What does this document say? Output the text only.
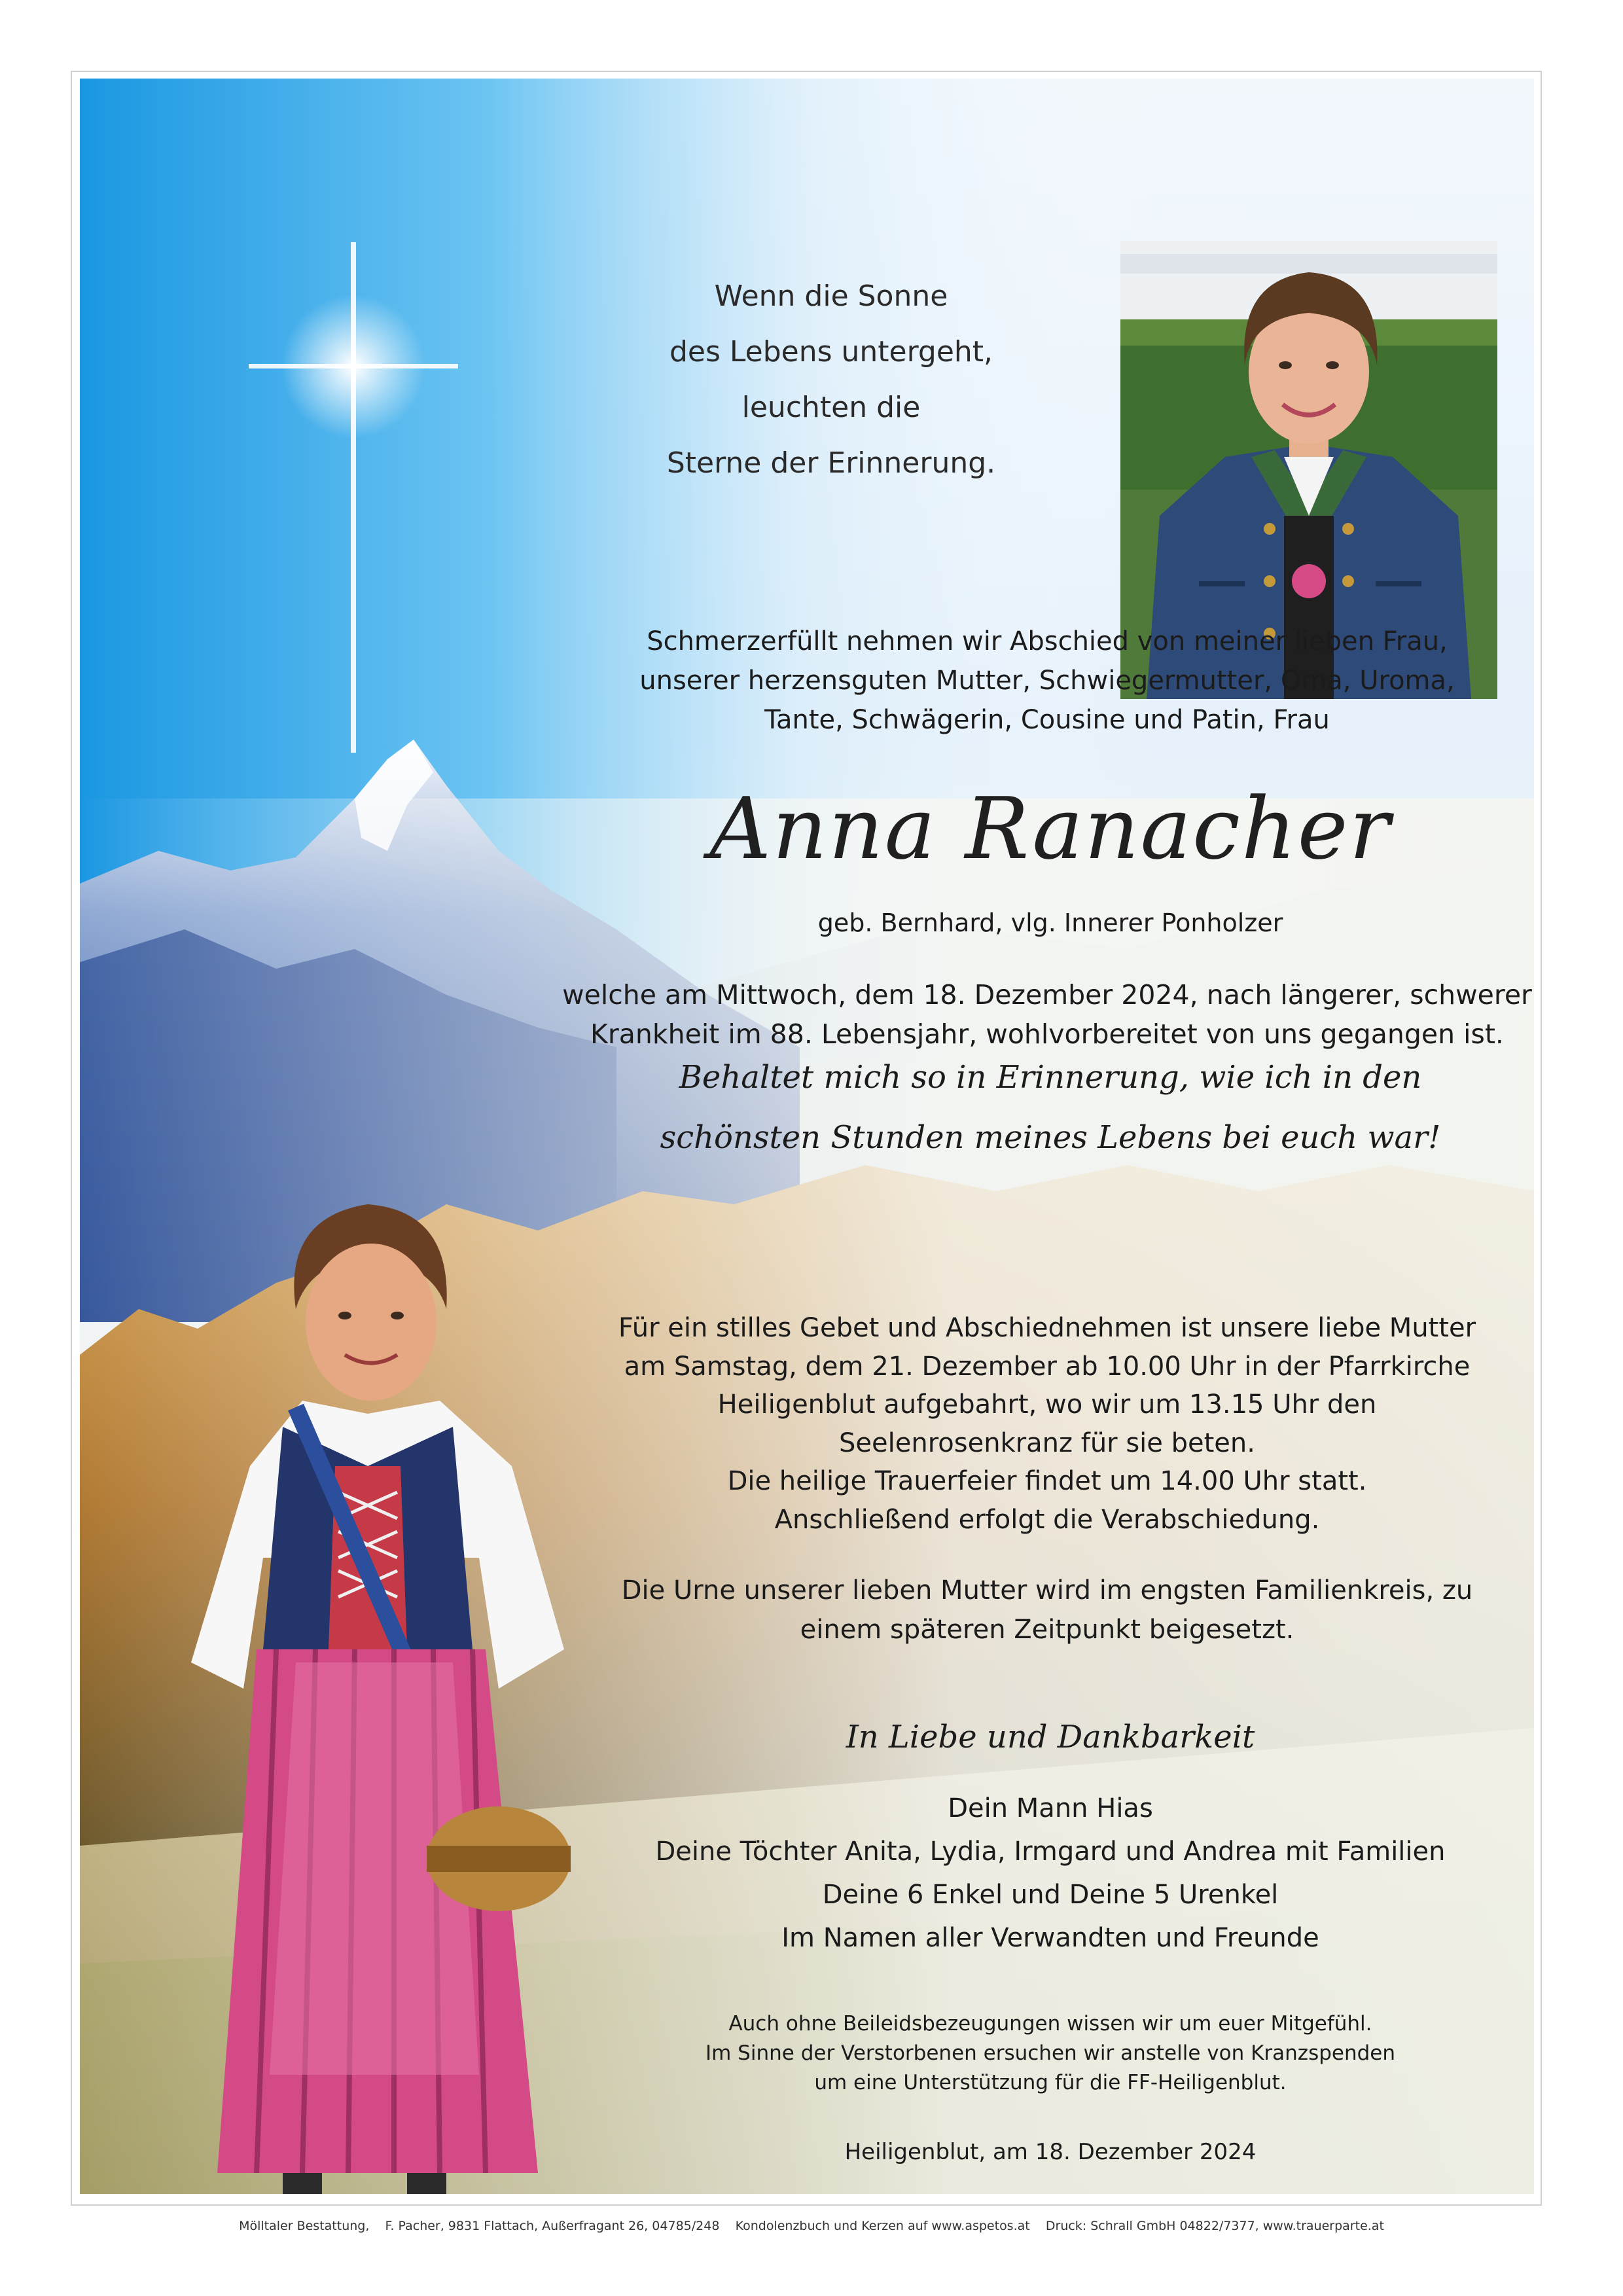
Wenn die Sonne
des Lebens untergeht,
leuchten die
Sterne der Erinnerung.
Schmerzerfüllt nehmen wir Abschied von meiner lieben Frau,
unserer herzensguten Mutter, Schwiegermutter, Oma, Uroma,
Tante, Schwägerin, Cousine und Patin, Frau
Anna Ranacher
geb. Bernhard, vlg. Innerer Ponholzer
welche am Mittwoch, dem 18. Dezember 2024, nach längerer, schwerer
Krankheit im 88. Lebensjahr, wohlvorbereitet von uns gegangen ist.
Behaltet mich so in Erinnerung, wie ich in den
schönsten Stunden meines Lebens bei euch war!
Für ein stilles Gebet und Abschiednehmen ist unsere liebe Mutter
am Samstag, dem 21. Dezember ab 10.00 Uhr in der Pfarrkirche
Heiligenblut aufgebahrt, wo wir um 13.15 Uhr den
Seelenrosenkranz für sie beten.
Die heilige Trauerfeier findet um 14.00 Uhr statt.
Anschließend erfolgt die Verabschiedung.
Die Urne unserer lieben Mutter wird im engsten Familienkreis, zu
einem späteren Zeitpunkt beigesetzt.
In Liebe und Dankbarkeit
Dein Mann Hias
Deine Töchter Anita, Lydia, Irmgard und Andrea mit Familien
Deine 6 Enkel und Deine 5 Urenkel
Im Namen aller Verwandten und Freunde
Auch ohne Beileidsbezeugungen wissen wir um euer Mitgefühl.
Im Sinne der Verstorbenen ersuchen wir anstelle von Kranzspenden
um eine Unterstützung für die FF-Heiligenblut.
Heiligenblut, am 18. Dezember 2024
Mölltaler Bestattung,    F. Pacher, 9831 Flattach, Außerfragant 26, 04785/248    Kondolenzbuch und Kerzen auf www.aspetos.at    Druck: Schrall GmbH 04822/7377, www.trauerparte.at
